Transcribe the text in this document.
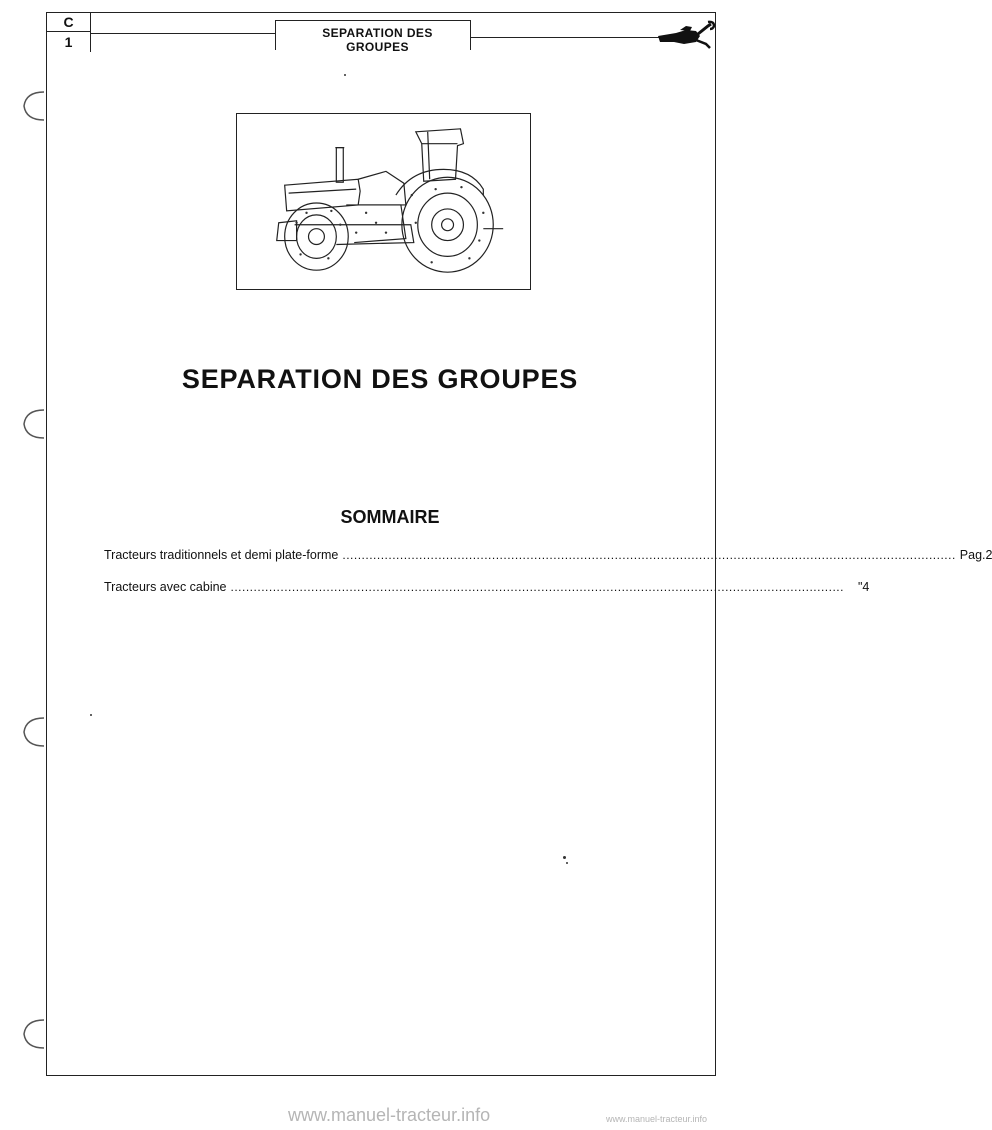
C
1
SEPARATION DES GROUPES
SEPARATION DES GROUPES
SOMMAIRE
Tracteurs traditionnels et demi plate-forme ................................................................................................................................................................ Pag. 2
Tracteurs avec cabine ................................................................................................................................................................ " 4
www.manuel-tracteur.info	www.manuel-tracteur.info
